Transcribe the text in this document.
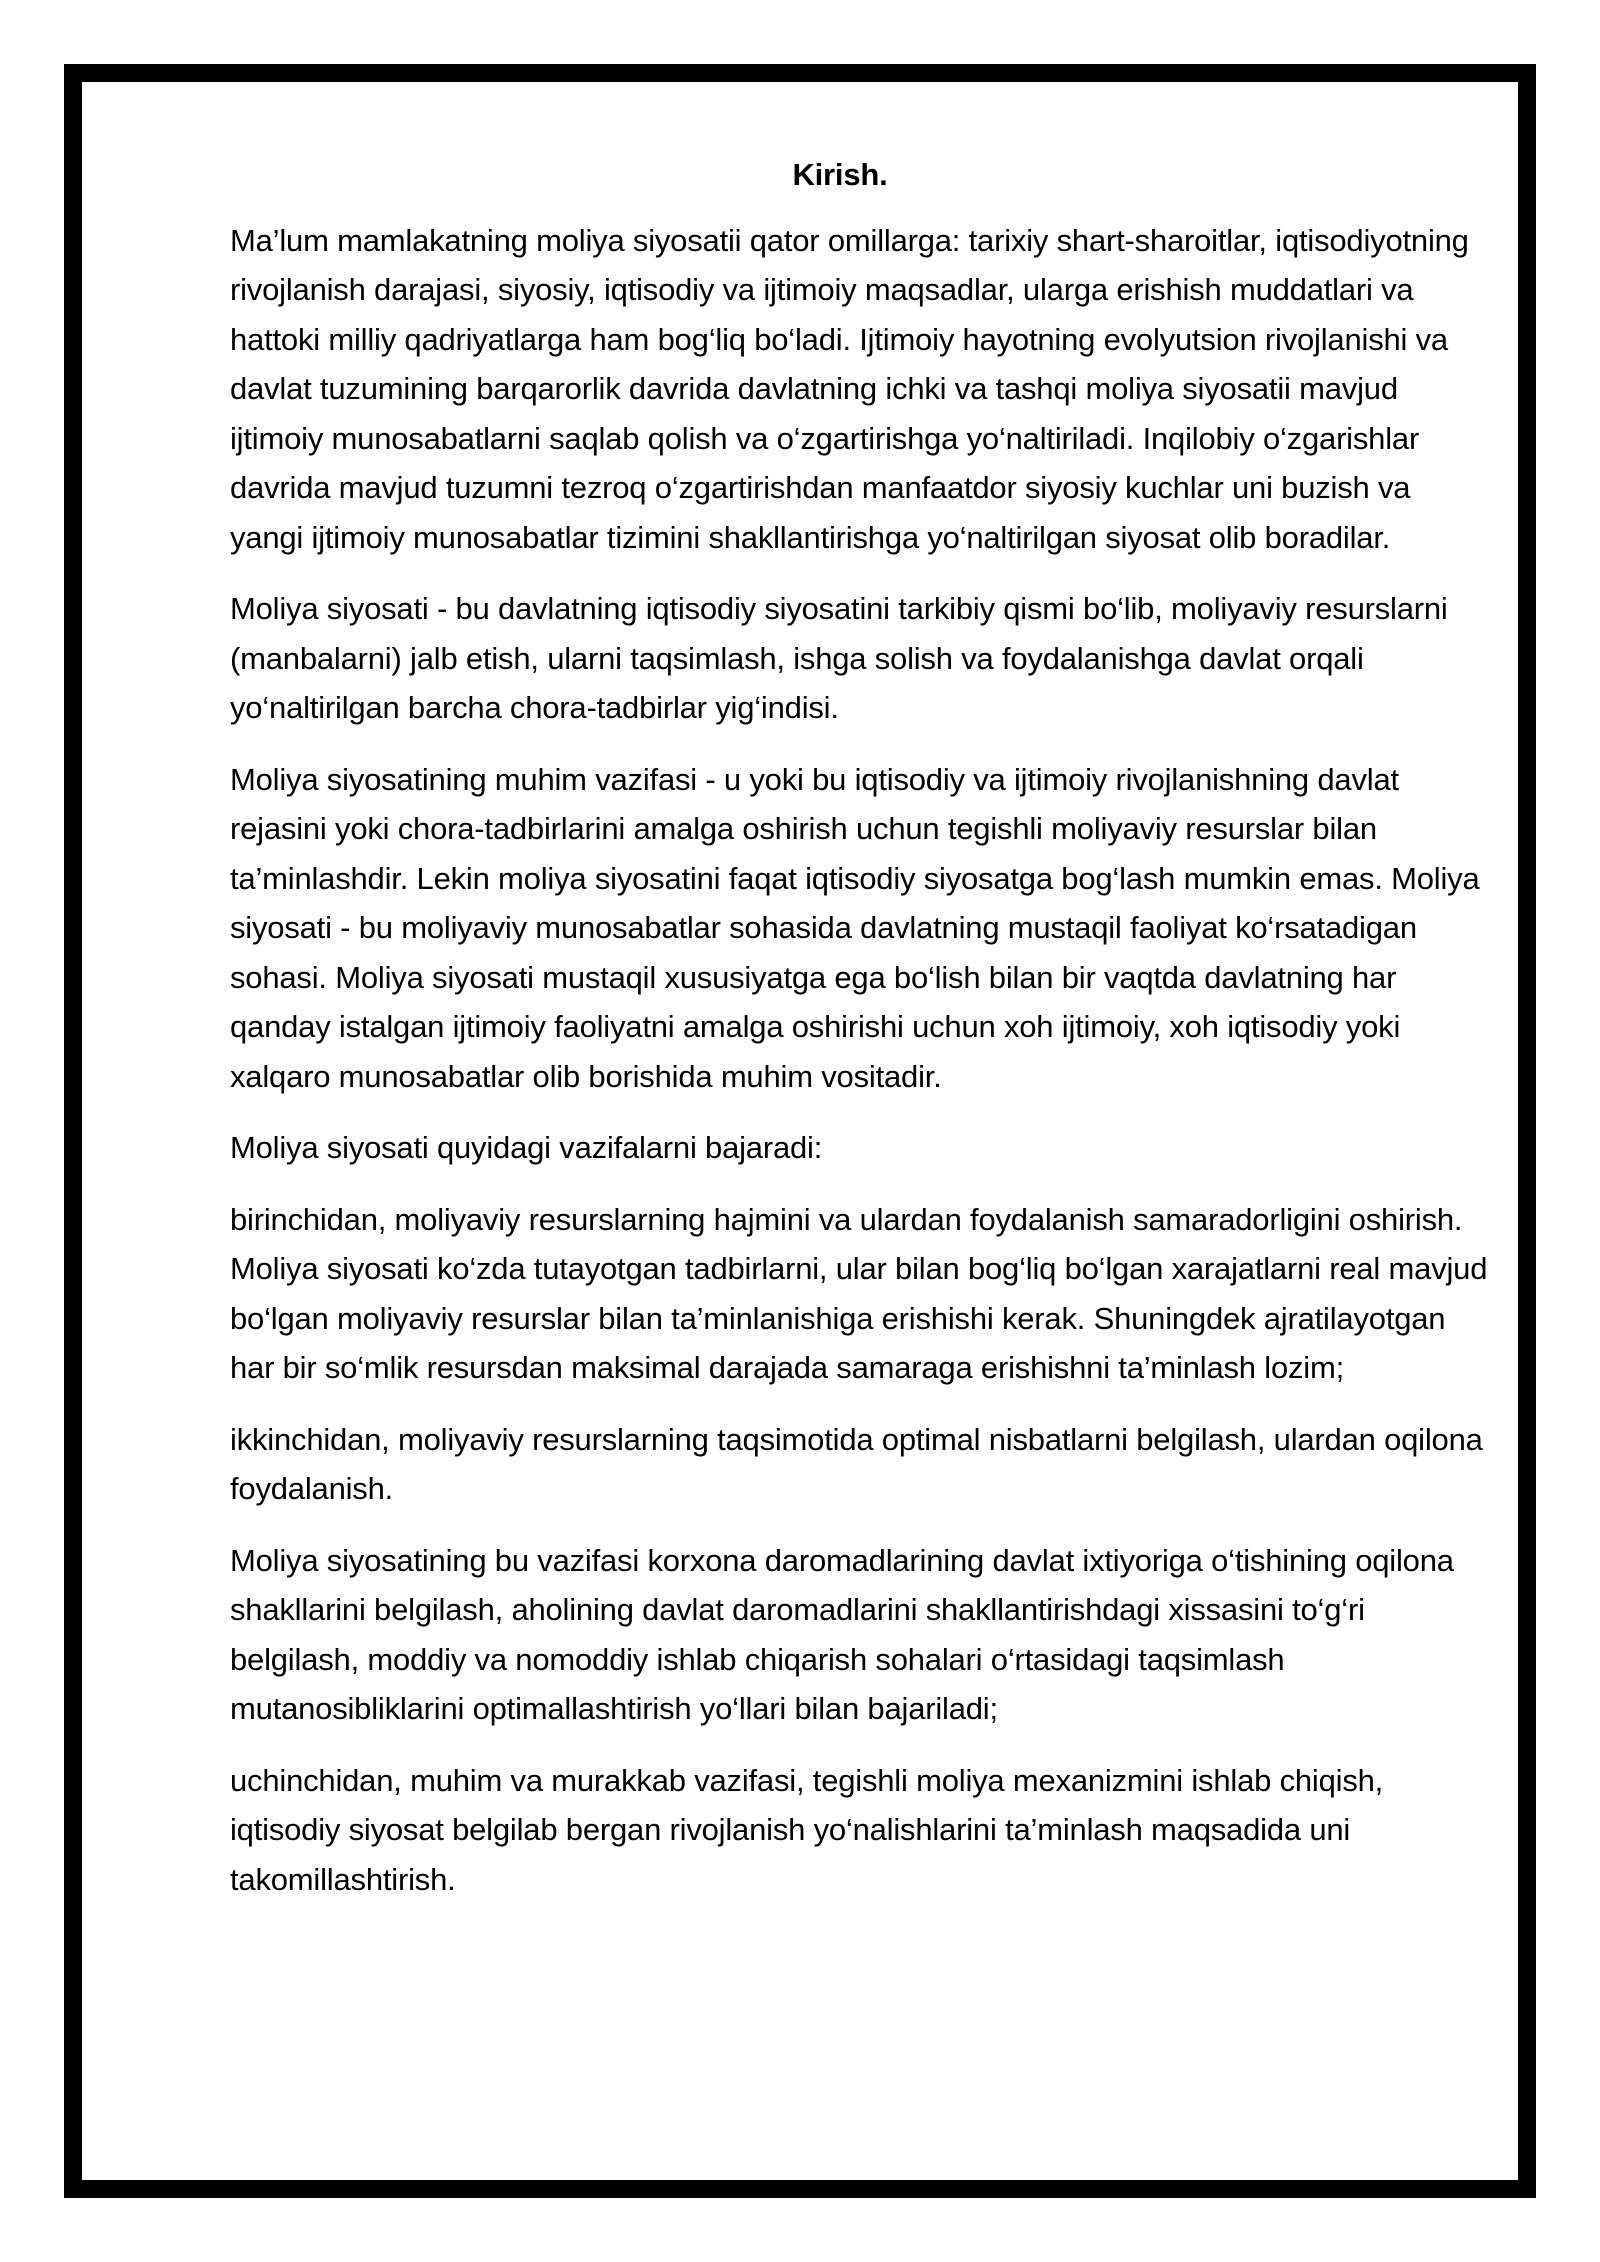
Kirish.

Ma’lum mamlakatning moliya siyosatii qator omillarga: tarixiy shart-sharoitlar, iqtisodiyotning rivojlanish darajasi, siyosiy, iqtisodiy va ijtimoiy maqsadlar, ularga erishish muddatlari va hattoki milliy qadriyatlarga ham bog‘liq bo‘ladi. Ijtimoiy hayotning evolyutsion rivojlanishi va davlat tuzumining barqarorlik davrida davlatning ichki va tashqi moliya siyosatii mavjud ijtimoiy munosabatlarni saqlab qolish va o‘zgartirishga yo‘naltiriladi. Inqilobiy o‘zgarishlar davrida mavjud tuzumni tezroq o‘zgartirishdan manfaatdor siyosiy kuchlar uni buzish va yangi ijtimoiy munosabatlar tizimini shakllantirishga yo‘naltirilgan siyosat olib boradilar.

Moliya siyosati - bu davlatning iqtisodiy siyosatini tarkibiy qismi bo‘lib, moliyaviy resurslarni (manbalarni) jalb etish, ularni taqsimlash, ishga solish va foydalanishga davlat orqali yo‘naltirilgan barcha chora-tadbirlar yig‘indisi.

Moliya siyosatining muhim vazifasi - u yoki bu iqtisodiy va ijtimoiy rivojlanishning davlat rejasini yoki chora-tadbirlarini amalga oshirish uchun tegishli moliyaviy resurslar bilan ta’minlashdir. Lekin moliya siyosatini faqat iqtisodiy siyosatga bog‘lash mumkin emas. Moliya siyosati - bu moliyaviy munosabatlar sohasida davlatning mustaqil faoliyat ko‘rsatadigan sohasi. Moliya siyosati mustaqil xususiyatga ega bo‘lish bilan bir vaqtda davlatning har qanday istalgan ijtimoiy faoliyatni amalga oshirishi uchun xoh ijtimoiy, xoh iqtisodiy yoki xalqaro munosabatlar olib borishida muhim vositadir.

Moliya siyosati quyidagi vazifalarni bajaradi:

birinchidan, moliyaviy resurslarning hajmini va ulardan foydalanish samaradorligini oshirish. Moliya siyosati ko‘zda tutayotgan tadbirlarni, ular bilan bog‘liq bo‘lgan xarajatlarni real mavjud bo‘lgan moliyaviy resurslar bilan ta’minlanishiga erishishi kerak. Shuningdek ajratilayotgan har bir so‘mlik resursdan maksimal darajada samaraga erishishni ta’minlash lozim;

ikkinchidan, moliyaviy resurslarning taqsimotida optimal nisbatlarni belgilash, ulardan oqilona foydalanish.

Moliya siyosatining bu vazifasi korxona daromadlarining davlat ixtiyoriga o‘tishining oqilona shakllarini belgilash, aholining davlat daromadlarini shakllantirishdagi xissasini to‘g‘ri belgilash, moddiy va nomoddiy ishlab chiqarish sohalari o‘rtasidagi taqsimlash mutanosibliklarini optimallashtirish yo‘llari bilan bajariladi;

uchinchidan, muhim va murakkab vazifasi, tegishli moliya mexanizmini ishlab chiqish, iqtisodiy siyosat belgilab bergan rivojlanish yo‘nalishlarini ta’minlash maqsadida uni takomillashtirish.
